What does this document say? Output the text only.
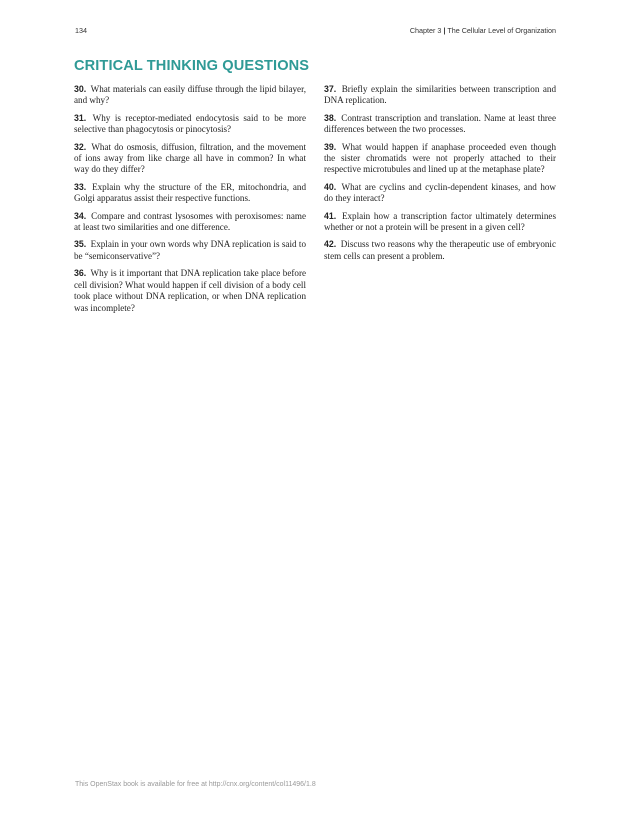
134	Chapter 3 | The Cellular Level of Organization
CRITICAL THINKING QUESTIONS

30. What materials can easily diffuse through the lipid bilayer, and why?

31. Why is receptor-mediated endocytosis said to be more selective than phagocytosis or pinocytosis?

32. What do osmosis, diffusion, filtration, and the movement of ions away from like charge all have in common? In what way do they differ?

33. Explain why the structure of the ER, mitochondria, and Golgi apparatus assist their respective functions.

34. Compare and contrast lysosomes with peroxisomes: name at least two similarities and one difference.

35. Explain in your own words why DNA replication is said to be “semiconservative”?

36. Why is it important that DNA replication take place before cell division? What would happen if cell division of a body cell took place without DNA replication, or when DNA replication was incomplete?

37. Briefly explain the similarities between transcription and DNA replication.

38. Contrast transcription and translation. Name at least three differences between the two processes.

39. What would happen if anaphase proceeded even though the sister chromatids were not properly attached to their respective microtubules and lined up at the metaphase plate?

40. What are cyclins and cyclin-dependent kinases, and how do they interact?

41. Explain how a transcription factor ultimately determines whether or not a protein will be present in a given cell?

42. Discuss two reasons why the therapeutic use of embryonic stem cells can present a problem.

This OpenStax book is available for free at http://cnx.org/content/col11496/1.8
